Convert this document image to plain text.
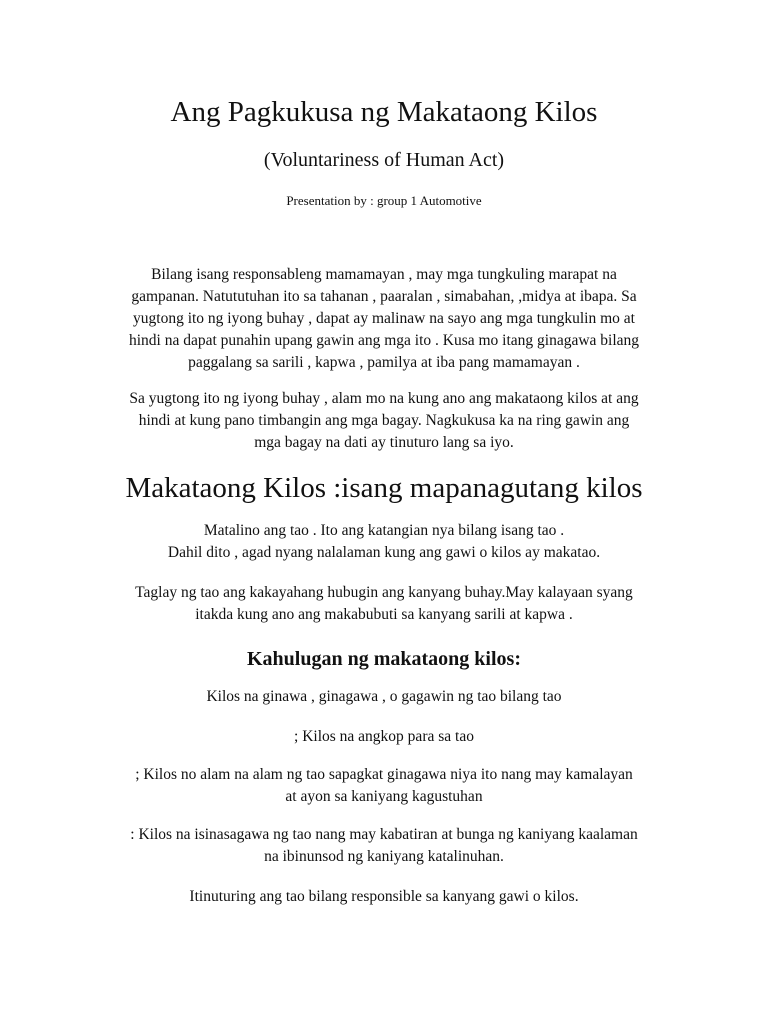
Ang Pagkukusa ng Makataong Kilos
(Voluntariness of Human Act)
Presentation by : group 1 Automotive

Bilang isang responsableng mamamayan , may mga tungkuling marapat na
gampanan. Natututuhan ito sa tahanan , paaralan , simabahan, ,midya at ibapa. Sa
yugtong ito ng iyong buhay , dapat ay malinaw na sayo ang mga tungkulin mo at
hindi na dapat punahin upang gawin ang mga ito . Kusa mo itang ginagawa bilang
paggalang sa sarili , kapwa , pamilya at iba pang mamamayan .

Sa yugtong ito ng iyong buhay , alam mo na kung ano ang makataong kilos at ang
hindi at kung pano timbangin ang mga bagay. Nagkukusa ka na ring gawin ang
mga bagay na dati ay tinuturo lang sa iyo.

Makataong Kilos :isang mapanagutang kilos

Matalino ang tao . Ito ang katangian nya bilang isang tao .
Dahil dito , agad nyang nalalaman kung ang gawi o kilos ay makatao.

Taglay ng tao ang kakayahang hubugin ang kanyang buhay.May kalayaan syang
itakda kung ano ang makabubuti sa kanyang sarili at kapwa .

Kahulugan ng makataong kilos:

Kilos na ginawa , ginagawa , o gagawin ng tao bilang tao

; Kilos na angkop para sa tao

; Kilos no alam na alam ng tao sapagkat ginagawa niya ito nang may kamalayan
at ayon sa kaniyang kagustuhan

: Kilos na isinasagawa ng tao nang may kabatiran at bunga ng kaniyang kaalaman
na ibinunsod ng kaniyang katalinuhan.

Itinuturing ang tao bilang responsible sa kanyang gawi o kilos.
